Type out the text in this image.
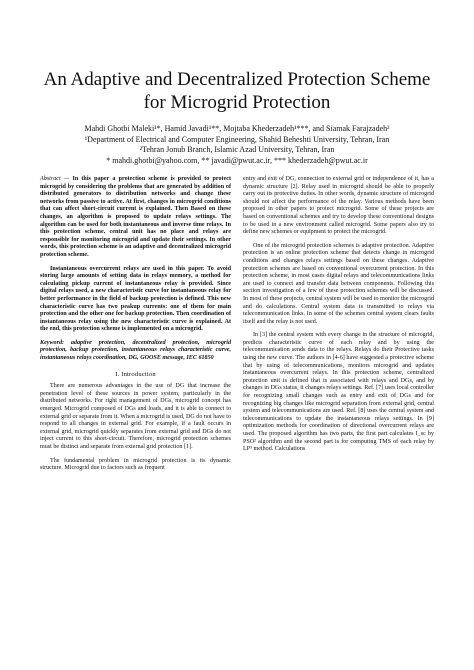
An Adaptive and Decentralized Protection Scheme
for Microgrid Protection

Mahdi Ghotbi Maleki¹*, Hamid Javadi¹**, Mojtaba Khederzadeh¹***, and Siamak Farajzadeh²

¹Department of Electrical and Computer Engineering, Shahid Beheshti University, Tehran, Iran

²Tehran Jonub Branch, Islamic Azad University, Tehran, Iran

* mahdi.ghotbi@yahoo.com, ** javadi@pwut.ac.ir, *** khederzadeh@pwut.ac.ir

Abstract — In this paper a protection scheme is provided to protect microgrid by considering the problems that are generated by addition of distributed generators to distribution networks and change these networks from passive to active. At first, changes in microgrid conditions that can affect short-circuit current is explained. Then Based on these changes, an algorithm is proposed to update relays settings. The algorithm can be used for both instantaneous and inverse time relays. In this protection scheme, central unit has no place and relays are responsible for monitoring microgrid and update their settings. In other words, this protection scheme is an adaptive and decentralized microgrid protection scheme.

Instantaneous overcurrent relays are used in this paper. To avoid storing large amounts of setting data in relays memory, a method for calculating pickup current of instantaneous relay is provided. Since digital relays used, a new characteristic curve for instantaneous relay for better performance in the field of backup protection is defined. This new characteristic curve has two peakup currents: one of them for main protection and the other one for backup protection. Then coordination of instantaneous relay using the new characteristic curve is explained. At the end, this protection scheme is implemented on a microgrid.

Keyword: adaptive protection, decentralized protection, microgrid protection, backup protection, instantaneous relays characteristic curve, instantaneous relays coordination, DG, GOOSE message, IEC 61850

I. Introduction

There are numerous advantages in the use of DG that increase the penetration level of these sources in power system, particularly in the distributed networks. For right management of DGs, microgrid concept has emerged. Microgrid composed of DGs and loads, and it is able to connect to external grid or separate from it. When a microgrid is used, DG do not have to respond to all changes in external grid. For example, if a fault occurs in external grid, microgrid quickly separates from external grid and DGs do not inject current to this short-circuit. Therefore, microgrid protection schemes must be distinct and separate from external grid protection [1].

The fundamental problem in microgrid protection is its dynamic structure. Microgrid due to factors such as frequent

entry and exit of DG, connection to external grid or independence of it, has a dynamic structure [2]. Relay used in microgrid should be able to properly carry out its protective duties. In other words, dynamic structure of microgrid should not affect the performance of the relay. Various methods have been proposed in other papers to protect microgrid. Some of these projects are based on conventional schemes and try to develop these conventional designs to be used in a new environment called microgrid. Some papers also try to define new schemes or equipment to protect the microgrid.

One of the microgrid protection schemes is adaptive protection. Adaptive protection is an online protection scheme that detects change in microgrid conditions and changes relays settings based on these changes. Adaptive protection schemes are based on conventional overcurrent protection. In this protection scheme, in most cases digital relays and telecommunications links are used to connect and transfer data between components. Following this section investigation of a few of these protection schemes will be discussed. In most of these projects, central system will be used to monitor the microgrid and do calculations. Central system data is transmitted to relays via telecommunication links. In some of the schemes central system clears faults itself and the relay is not used.

In [3] the central system with every change in the structure of microgrid, predicts characteristic curve of each relay and by using the telecommunication sends data to the relays. Relays do their Protective tasks using the new curve. The authors in [4-6] have suggested a protective scheme that by using of telecommunications, monitors microgrid and updates instantaneous overcurrent relays. In this protection scheme, centralized protection unit is defined that is associated with relays and DGs, and by changes in DGs status, it changes relays settings. Ref. [7] uses local controller for recognizing small changes such as entry and exit of DGs and for recognizing big changes like microgrid separation from external grid, central system and telecommunications are used. Ref. [8] uses the central system and telecommunications to update the instantaneous relays settings. In [9] optimization methods for coordination of directional overcurrent relays are used. The proposed algorithm has two parts, the first part calculates I_sc by PSO² algorithm and the second part is for computing TMS of each relay by LP³ method. Calculations
